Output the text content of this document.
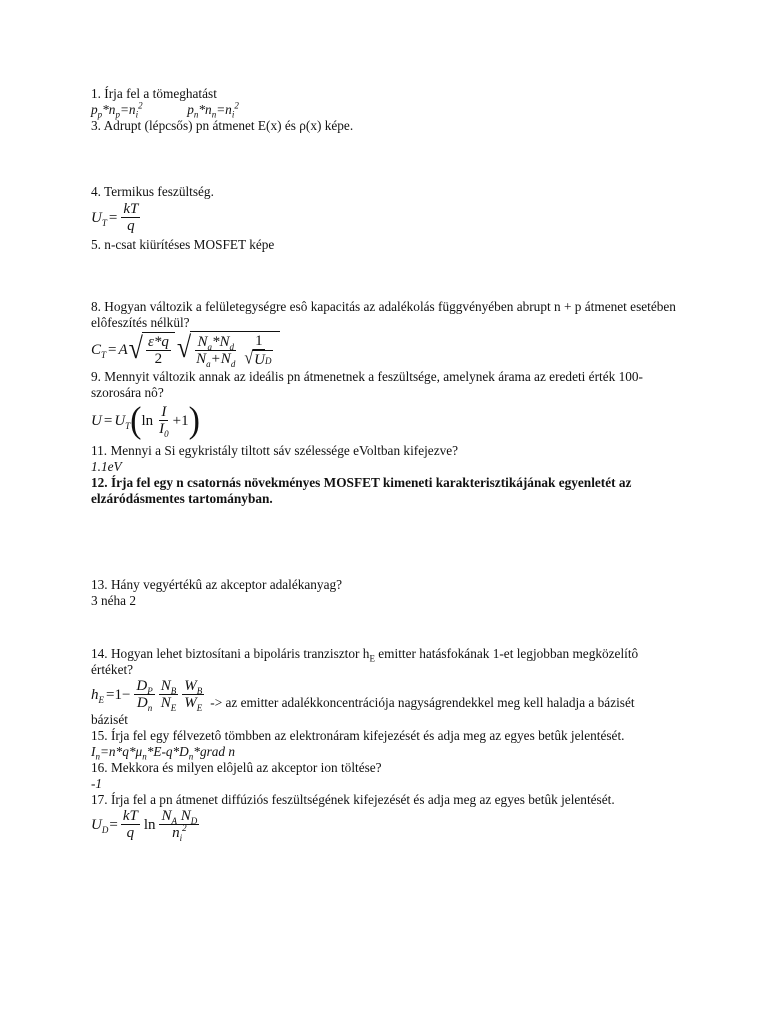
1. Írja fel a tömeghatást
$p_p*n_p=n_i^2$	$p_n*n_n=n_i^2$
3. Adrupt (lépcsős) pn átmenet E(x) és ρ(x) képe.
4. Termikus feszültség.
$U_T = \frac{kT}{q}$
5. n-csat kiürítéses MOSFET képe
8. Hogyan változik a felületegységre esô kapacitás az adalékolás függvényében abrupt n + p átmenet esetében elôfeszítés nélkül?
$C_T = A$ √ $\frac{\varepsilon*q}{2}$ √ $\frac{N_a*N_d}{N_a+N_d} \frac{1}{\text{√ U D}}$
9. Mennyit változik annak az ideális pn átmenetnek a feszültsége, amelynek árama az eredeti érték 100-szorosára nô?
$U = U_T$ ( $\ln \frac{I}{I_0} +1$ )
11. Mennyi a Si egykristály tiltott sáv szélessége eVoltban kifejezve?
1.1eV
12. Írja fel egy n csatornás növekményes MOSFET kimeneti karakterisztikájának egyenletét az elzáródásmentes tartományban.
13. Hány vegyértékû az akceptor adalékanyag?
3 néha 2
14. Hogyan lehet biztosítani a bipoláris tranzisztor $h_E$ emitter hatásfokának 1-et legjobban megközelítô értéket?
$h_E =1- \frac{D_P}{D_n} \frac{N_B}{N_E} \frac{W_B}{W_E}$ -> az emitter adalékkoncentrációja nagyságrendekkel meg kell haladja a bázisét
bázisét
15. Írja fel egy félvezetô tömbben az elektronáram kifejezését és adja meg az egyes betûk jelentését.
$I_n=n*q*\mu_n*E-q*D_n*grad$ n
16. Mekkora és milyen elôjelû az akceptor ion töltése?
-1
17. Írja fel a pn átmenet diffúziós feszültségének kifejezését és adja meg az egyes betûk jelentését.
$U_D = \frac{kT}{q}$ $\ln \frac{N_A N_D}{n_i^2}$
